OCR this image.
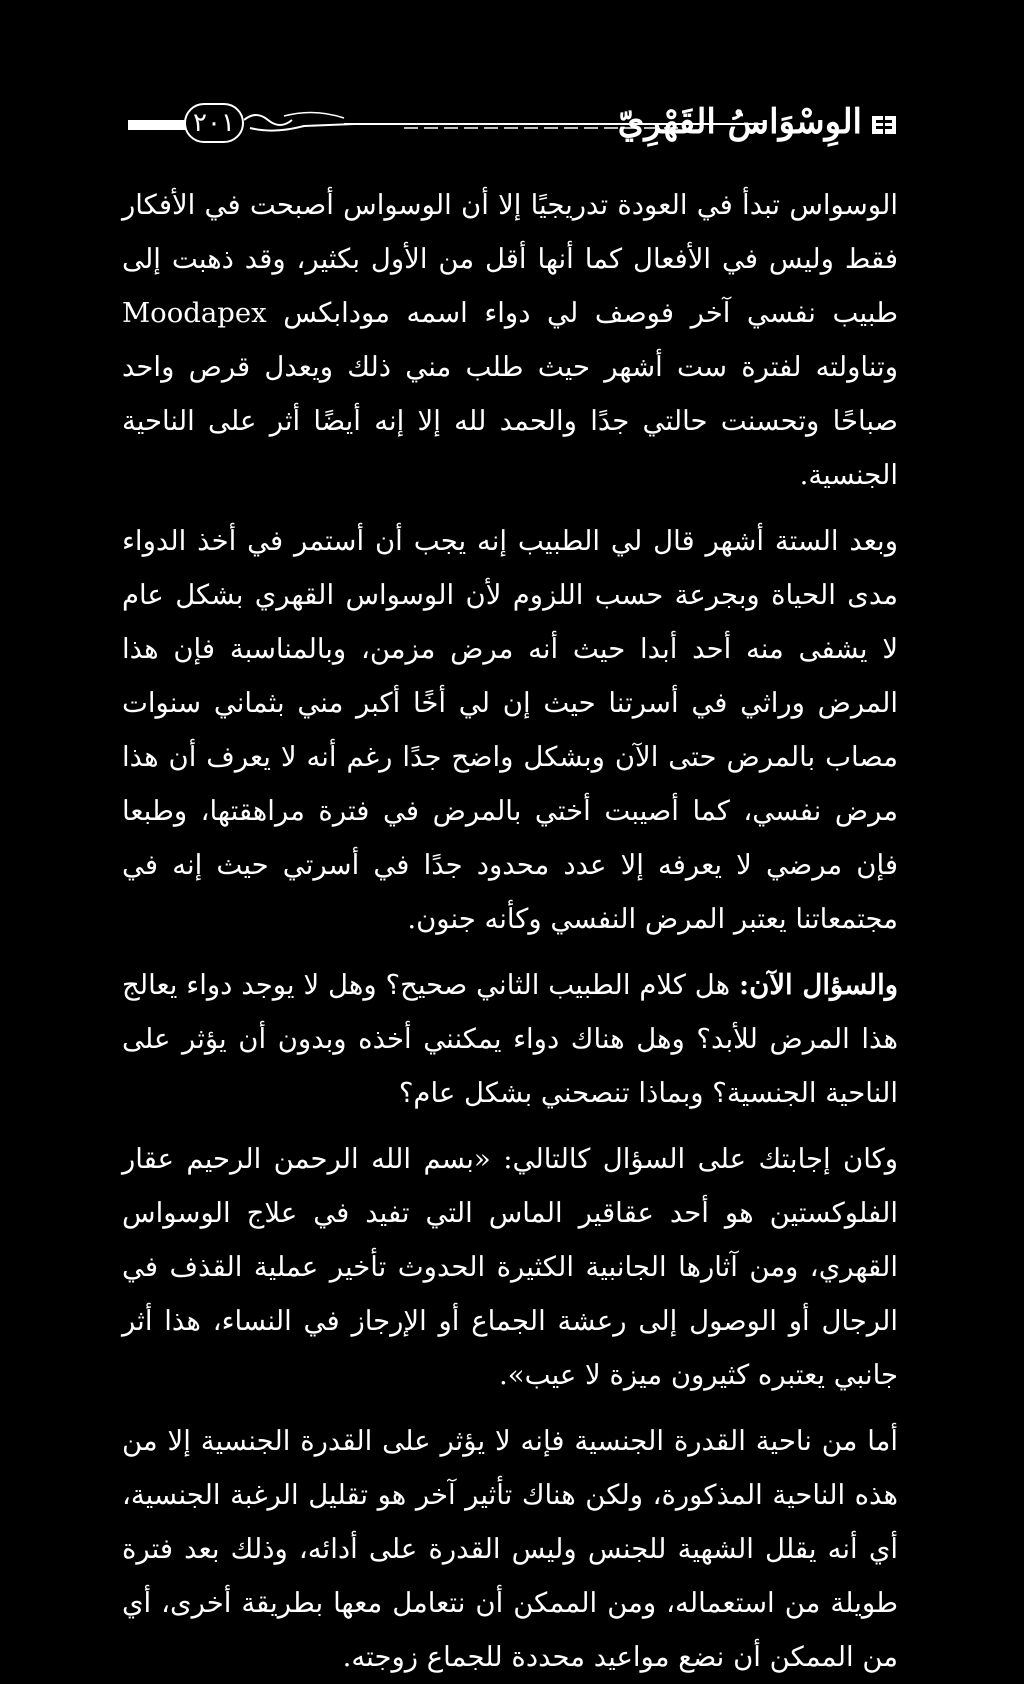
٢٠١	الوِسْوَاسُ القَهْرِيّ

الوسواس تبدأ في العودة تدريجيًا إلا أن الوسواس أصبحت في الأفكار فقط وليس في الأفعال كما أنها أقل من الأول بكثير، وقد ذهبت إلى طبيب نفسي آخر فوصف لي دواء اسمه مودابكس Moodapex وتناولته لفترة ست أشهر حيث طلب مني ذلك ويعدل قرص واحد صباحًا وتحسنت حالتي جدًا والحمد لله إلا إنه أيضًا أثر على الناحية الجنسية.

وبعد الستة أشهر قال لي الطبيب إنه يجب أن أستمر في أخذ الدواء مدى الحياة وبجرعة حسب اللزوم لأن الوسواس القهري بشكل عام لا يشفى منه أحد أبدا حيث أنه مرض مزمن، وبالمناسبة فإن هذا المرض وراثي في أسرتنا حيث إن لي أخًا أكبر مني بثماني سنوات مصاب بالمرض حتى الآن وبشكل واضح جدًا رغم أنه لا يعرف أن هذا مرض نفسي، كما أصيبت أختي بالمرض في فترة مراهقتها، وطبعا فإن مرضي لا يعرفه إلا عدد محدود جدًا في أسرتي حيث إنه في مجتمعاتنا يعتبر المرض النفسي وكأنه جنون.

والسؤال الآن: هل كلام الطبيب الثاني صحيح؟ وهل لا يوجد دواء يعالج هذا المرض للأبد؟ وهل هناك دواء يمكنني أخذه وبدون أن يؤثر على الناحية الجنسية؟ وبماذا تنصحني بشكل عام؟

وكان إجابتك على السؤال كالتالي: «بسم الله الرحمن الرحيم عقار الفلوكستين هو أحد عقاقير الماس التي تفيد في علاج الوسواس القهري، ومن آثارها الجانبية الكثيرة الحدوث تأخير عملية القذف في الرجال أو الوصول إلى رعشة الجماع أو الإرجاز في النساء، هذا أثر جانبي يعتبره كثيرون ميزة لا عيب».

أما من ناحية القدرة الجنسية فإنه لا يؤثر على القدرة الجنسية إلا من هذه الناحية المذكورة، ولكن هناك تأثير آخر هو تقليل الرغبة الجنسية، أي أنه يقلل الشهية للجنس وليس القدرة على أدائه، وذلك بعد فترة طويلة من استعماله، ومن الممكن أن نتعامل معها بطريقة أخرى، أي من الممكن أن نضع مواعيد محددة للجماع زوجته.
